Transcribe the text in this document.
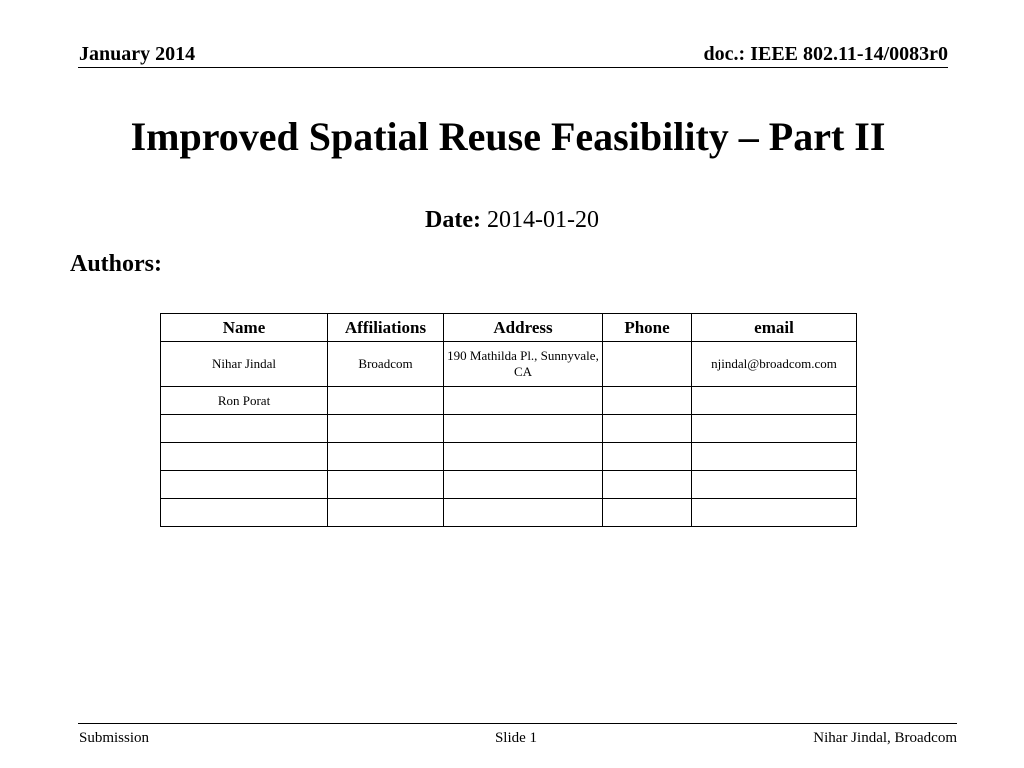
January 2014	doc.: IEEE 802.11-14/0083r0
Improved Spatial Reuse Feasibility – Part II
Date: 2014-01-20
Authors:
Name	Affiliations	Address	Phone	email
Nihar Jindal	Broadcom	190 Mathilda Pl., Sunnyvale, CA		njindal@broadcom.com
Ron Porat				

Submission	Slide 1	Nihar Jindal, Broadcom
